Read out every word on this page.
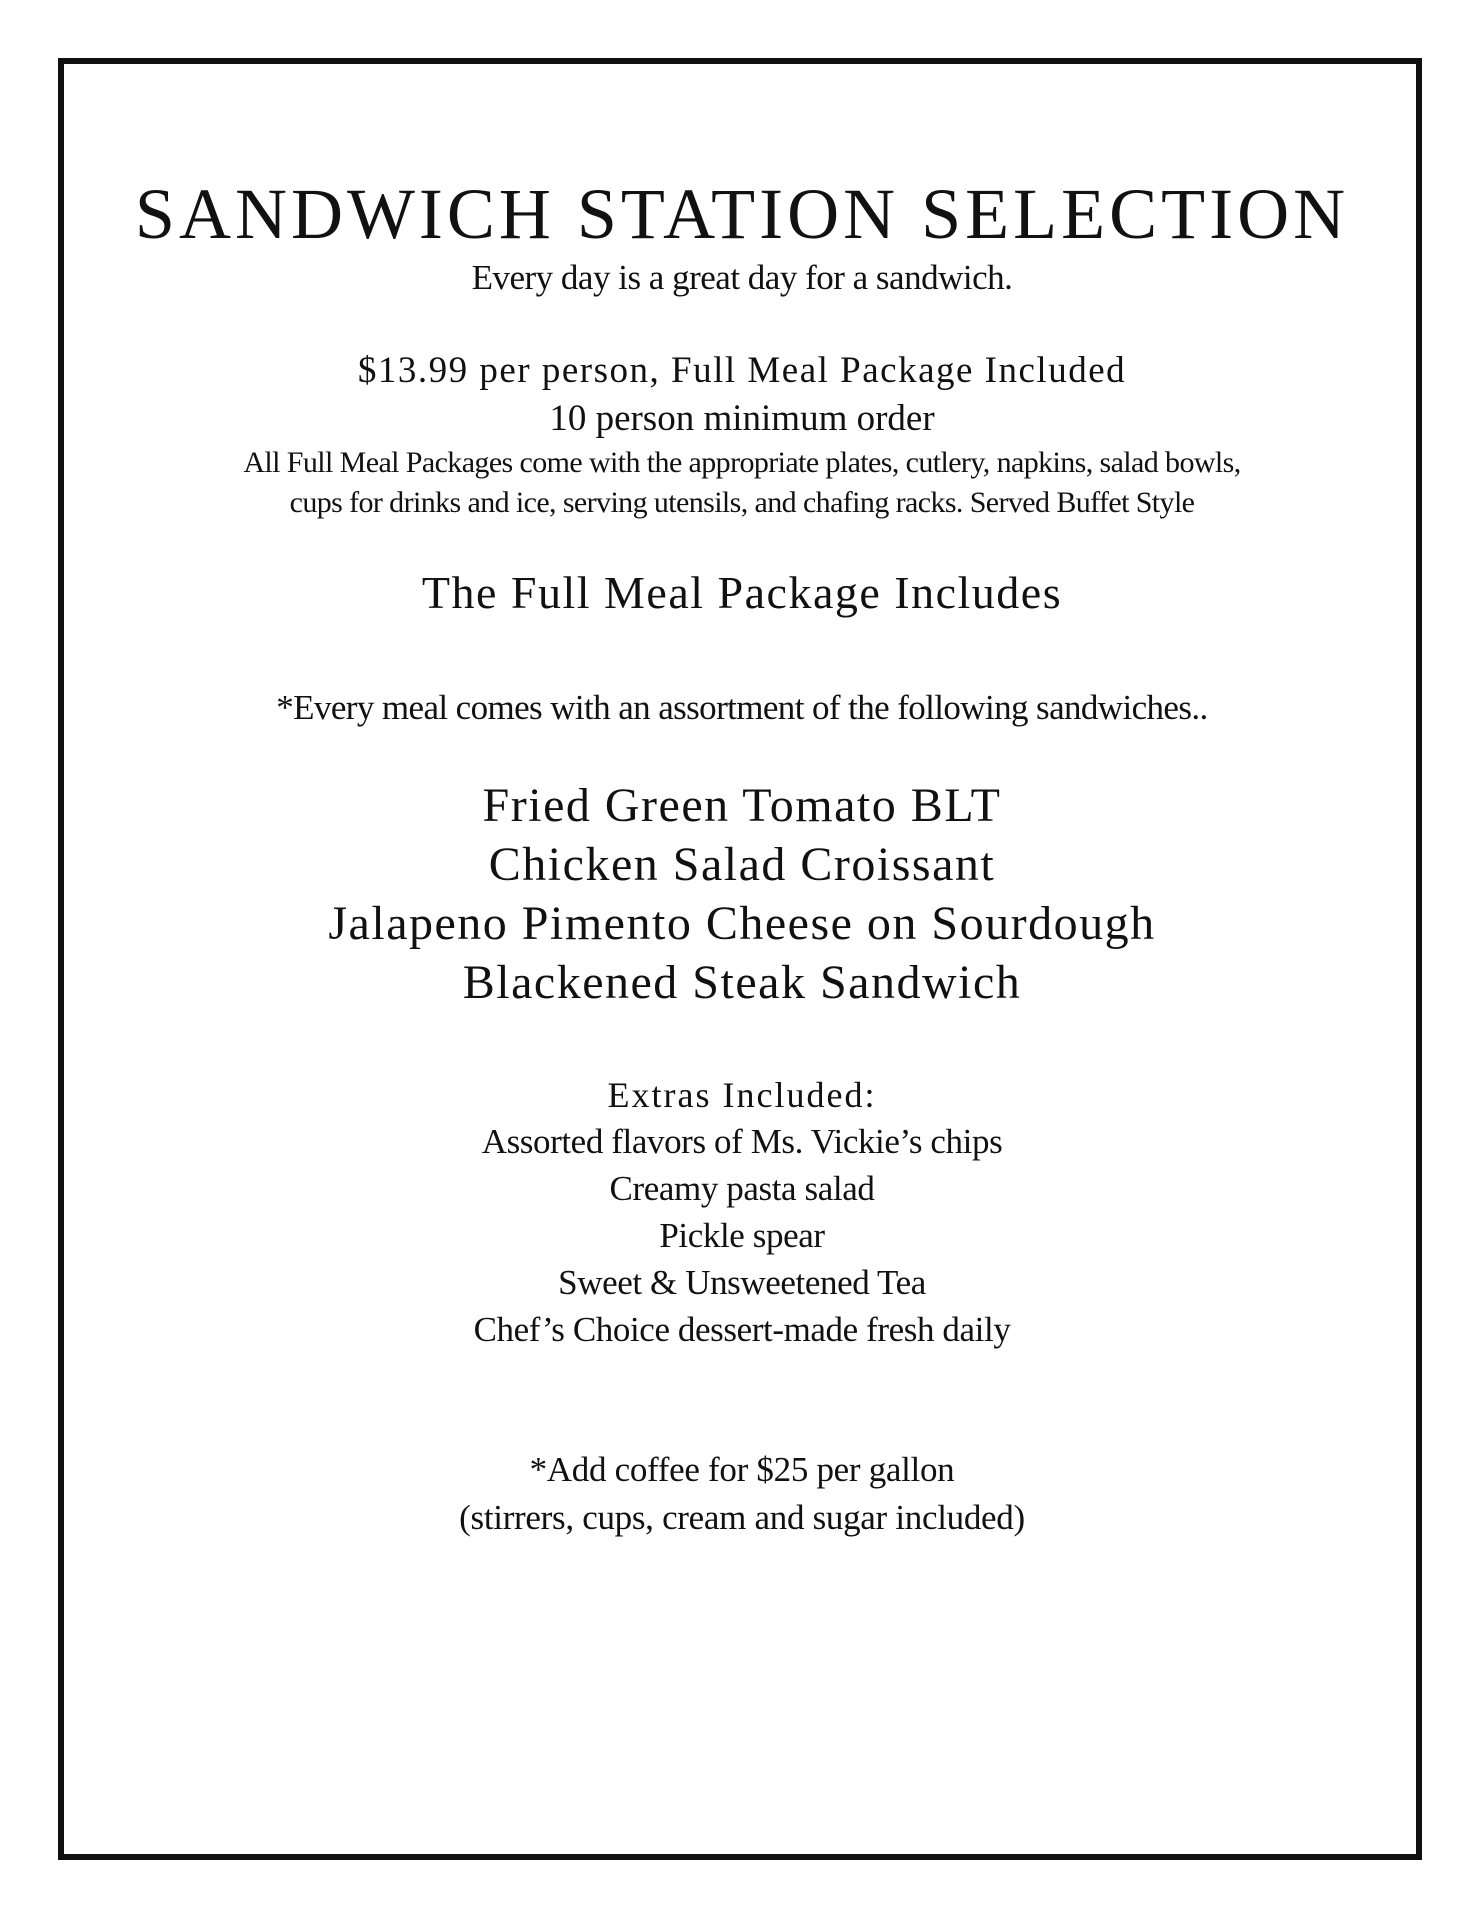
SANDWICH STATION SELECTION
Every day is a great day for a sandwich.
$13.99 per person, Full Meal Package Included
10 person minimum order
All Full Meal Packages come with the appropriate plates, cutlery, napkins, salad bowls,
cups for drinks and ice, serving utensils, and chafing racks. Served Buffet Style
The Full Meal Package Includes
*Every meal comes with an assortment of the following sandwiches..
Fried Green Tomato BLT
Chicken Salad Croissant
Jalapeno Pimento Cheese on Sourdough
Blackened Steak Sandwich
Extras Included:
Assorted flavors of Ms. Vickie’s chips
Creamy pasta salad
Pickle spear
Sweet & Unsweetened Tea
Chef’s Choice dessert-made fresh daily
*Add coffee for $25 per gallon
(stirrers, cups, cream and sugar included)
